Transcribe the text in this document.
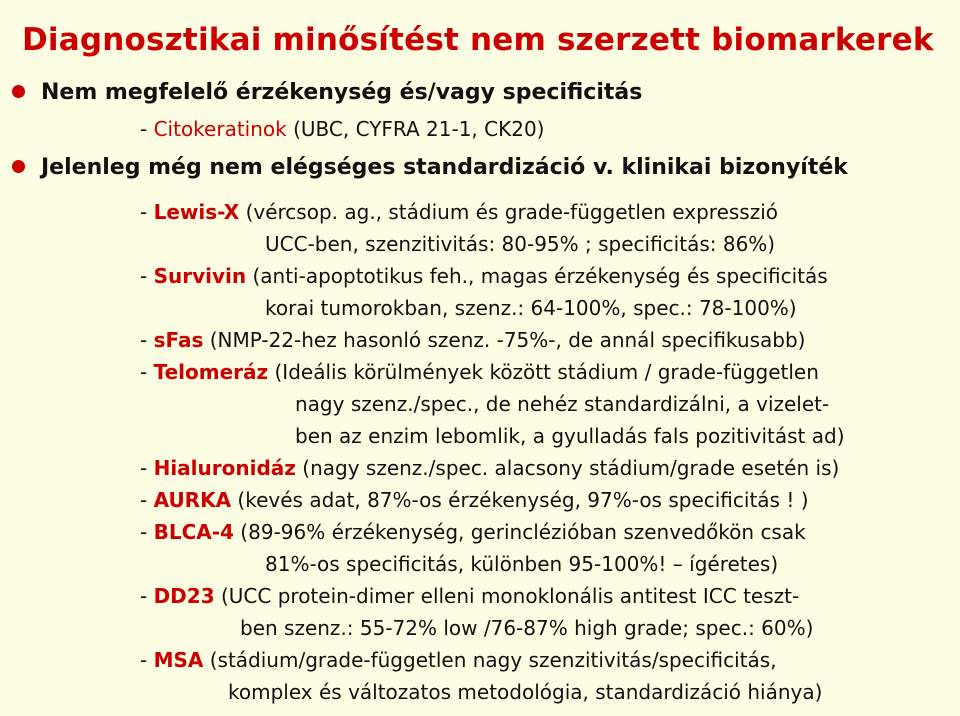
Diagnosztikai minősítést nem szerzett biomarkerek
Nem megfelelő érzékenység és/vagy specificitás
- Citokeratinok (UBC, CYFRA 21-1, CK20)
Jelenleg még nem elégséges standardizáció v. klinikai bizonyíték
- Lewis-X (vércsop. ag., stádium és grade-független expresszió
UCC-ben, szenzitivitás: 80-95% ; specificitás: 86%)
- Survivin (anti-apoptotikus feh., magas érzékenység és specificitás
korai tumorokban, szenz.: 64-100%, spec.: 78-100%)
- sFas (NMP-22-hez hasonló szenz. -75%-, de annál specifikusabb)
- Telomeráz (Ideális körülmények között stádium / grade-független
nagy szenz./spec., de nehéz standardizálni, a vizelet-
ben az enzim lebomlik, a gyulladás fals pozitivitást ad)
- Hialuronidáz (nagy szenz./spec. alacsony stádium/grade esetén is)
- AURKA (kevés adat, 87%-os érzékenység, 97%-os specificitás ! )
- BLCA-4 (89-96% érzékenység, gerinclézióban szenvedőkön csak
81%-os specificitás, különben 95-100%! – ígéretes)
- DD23 (UCC protein-dimer elleni monoklonális antitest ICC teszt-
ben szenz.: 55-72% low /76-87% high grade; spec.: 60%)
- MSA (stádium/grade-független nagy szenzitivitás/specificitás,
komplex és változatos metodológia, standardizáció hiánya)
